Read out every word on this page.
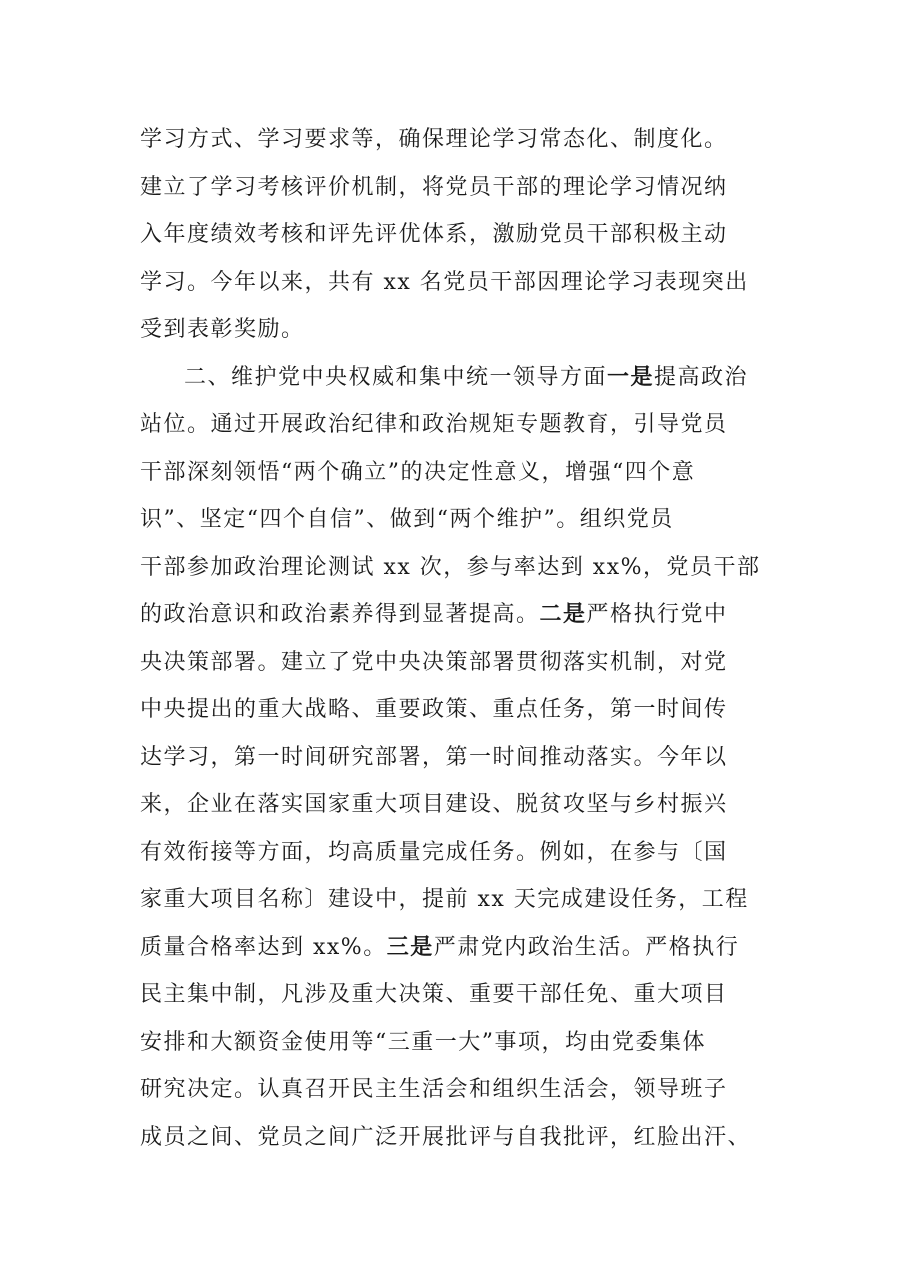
学习方式、学习要求等，确保理论学习常态化、制度化。
建立了学习考核评价机制，将党员干部的理论学习情况纳
入年度绩效考核和评先评优体系，激励党员干部积极主动
学习。今年以来，共有 xx 名党员干部因理论学习表现突出
受到表彰奖励。
二、维护党中央权威和集中统一领导方面一是提高政治
站位。通过开展政治纪律和政治规矩专题教育，引导党员
干部深刻领悟“两个确立”的决定性意义，增强“四个意
识”、坚定“四个自信”、做到“两个维护”。组织党员
干部参加政治理论测试 xx 次，参与率达到 xx%，党员干部
的政治意识和政治素养得到显著提高。二是严格执行党中
央决策部署。建立了党中央决策部署贯彻落实机制，对党
中央提出的重大战略、重要政策、重点任务，第一时间传
达学习，第一时间研究部署，第一时间推动落实。今年以
来，企业在落实国家重大项目建设、脱贫攻坚与乡村振兴
有效衔接等方面，均高质量完成任务。例如，在参与〔国
家重大项目名称〕建设中，提前 xx 天完成建设任务，工程
质量合格率达到 xx%。三是严肃党内政治生活。严格执行
民主集中制，凡涉及重大决策、重要干部任免、重大项目
安排和大额资金使用等“三重一大”事项，均由党委集体
研究决定。认真召开民主生活会和组织生活会，领导班子
成员之间、党员之间广泛开展批评与自我批评，红脸出汗、
